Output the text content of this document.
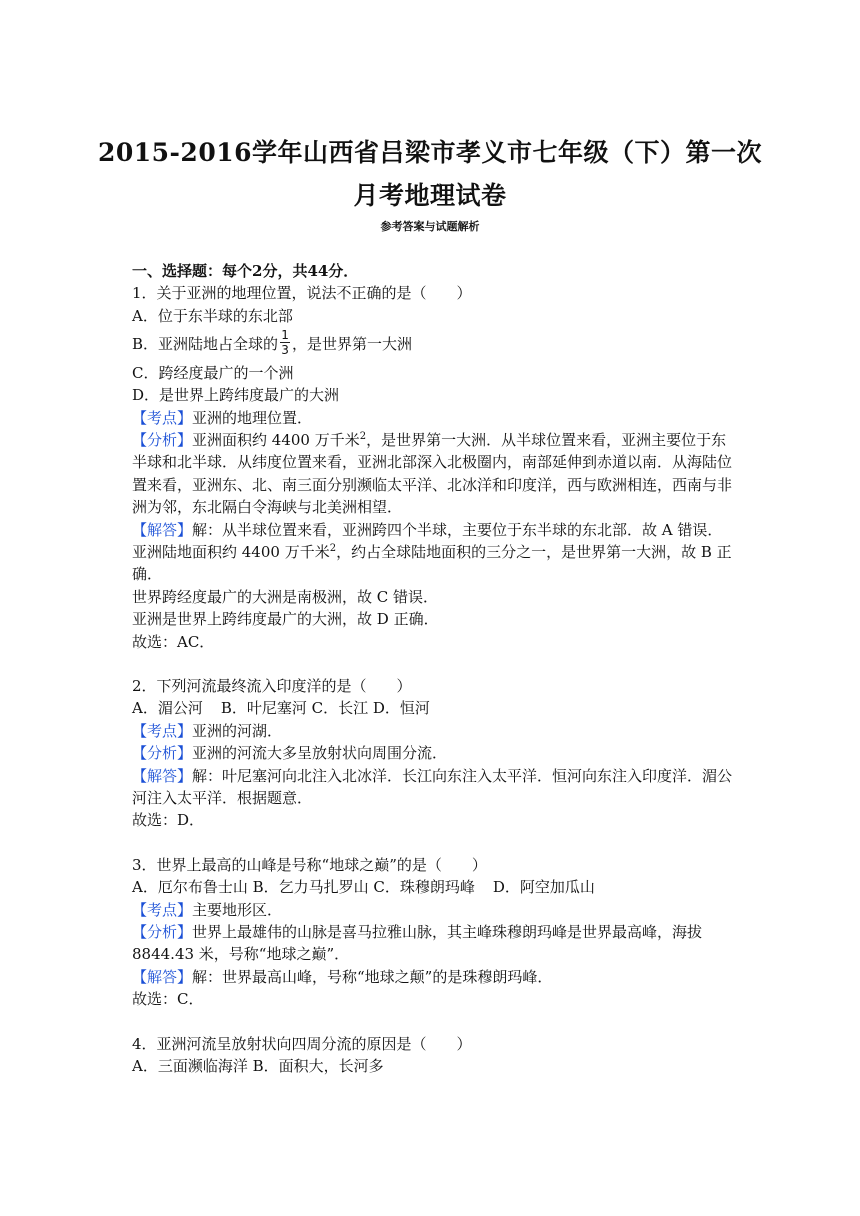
2015-2016学年山西省吕梁市孝义市七年级（下）第一次
月考地理试卷
参考答案与试题解析

一、选择题：每个2分，共44分．

1．关于亚洲的地理位置，说法不正确的是（　　）

A．位于东半球的东北部

B．亚洲陆地占全球的 $\frac{1}{3}$ ，是世界第一大洲

C．跨经度最广的一个洲

D．是世界上跨纬度最广的大洲

【考点】亚洲的地理位置．

【分析】亚洲面积约 4400 万千米$^2$，是世界第一大洲．从半球位置来看，亚洲主要位于东

半球和北半球．从纬度位置来看，亚洲北部深入北极圈内，南部延伸到赤道以南．从海陆位

置来看，亚洲东、北、南三面分别濒临太平洋、北冰洋和印度洋，西与欧洲相连，西南与非

洲为邻，东北隔白令海峡与北美洲相望．

【解答】解：从半球位置来看，亚洲跨四个半球，主要位于东半球的东北部．故 A 错误．

亚洲陆地面积约 4400 万千米$^2$，约占全球陆地面积的三分之一，是世界第一大洲，故 B 正

确．

世界跨经度最广的大洲是南极洲，故 C 错误．

亚洲是世界上跨纬度最广的大洲，故 D 正确．

故选：AC．

2．下列河流最终流入印度洋的是（　　）

A．湄公河 B．叶尼塞河 C．长江 D．恒河

【考点】亚洲的河湖．

【分析】亚洲的河流大多呈放射状向周围分流．

【解答】解：叶尼塞河向北注入北冰洋．长江向东注入太平洋．恒河向东注入印度洋．湄公

河注入太平洋．根据题意．

故选：D．

3．世界上最高的山峰是号称“地球之巅”的是（　　）

A．厄尔布鲁士山 B．乞力马扎罗山 C．珠穆朗玛峰 D．阿空加瓜山

【考点】主要地形区．

【分析】世界上最雄伟的山脉是喜马拉雅山脉，其主峰珠穆朗玛峰是世界最高峰，海拔

8844.43 米，号称“地球之巅”．

【解答】解：世界最高山峰，号称“地球之颠”的是珠穆朗玛峰．

故选：C．

4．亚洲河流呈放射状向四周分流的原因是（　　）

A．三面濒临海洋 B．面积大，长河多
